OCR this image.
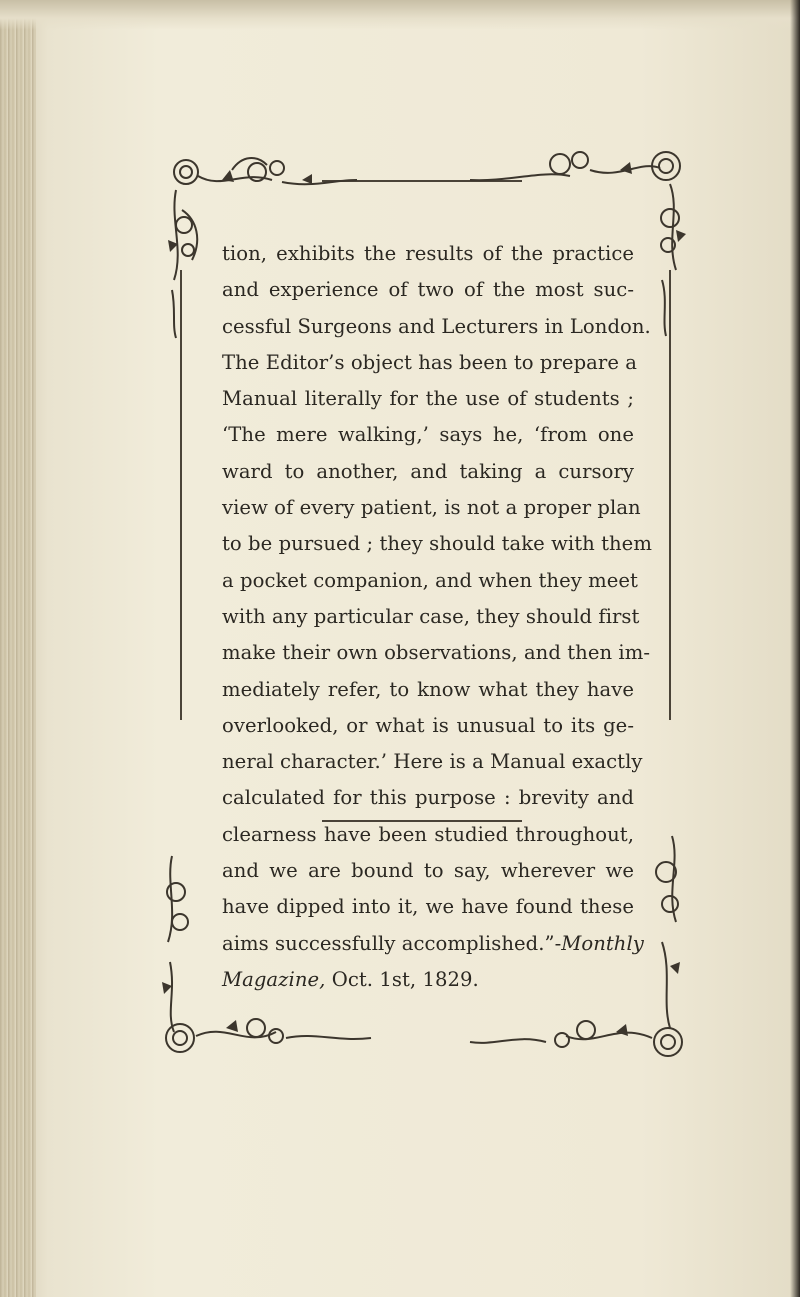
tion, exhibits the results of the practice
and experience of two of the most suc-
cessful Surgeons and Lecturers in London.
The Editor’s object has been to prepare a
Manual literally for the use of students ;
‘The mere walking,’ says he, ‘from one
ward to another, and taking a cursory
view of every patient, is not a proper plan
to be pursued ; they should take with them
a pocket companion, and when they meet
with any particular case, they should first
make their own observations, and then im-
mediately refer, to know what they have
overlooked, or what is unusual to its ge-
neral character.’ Here is a Manual exactly
calculated for this purpose : brevity and
clearness have been studied throughout,
and we are bound to say, wherever we
have dipped into it, we have found these
aims successfully accomplished.”-Monthly
Magazine, Oct. 1st, 1829.
